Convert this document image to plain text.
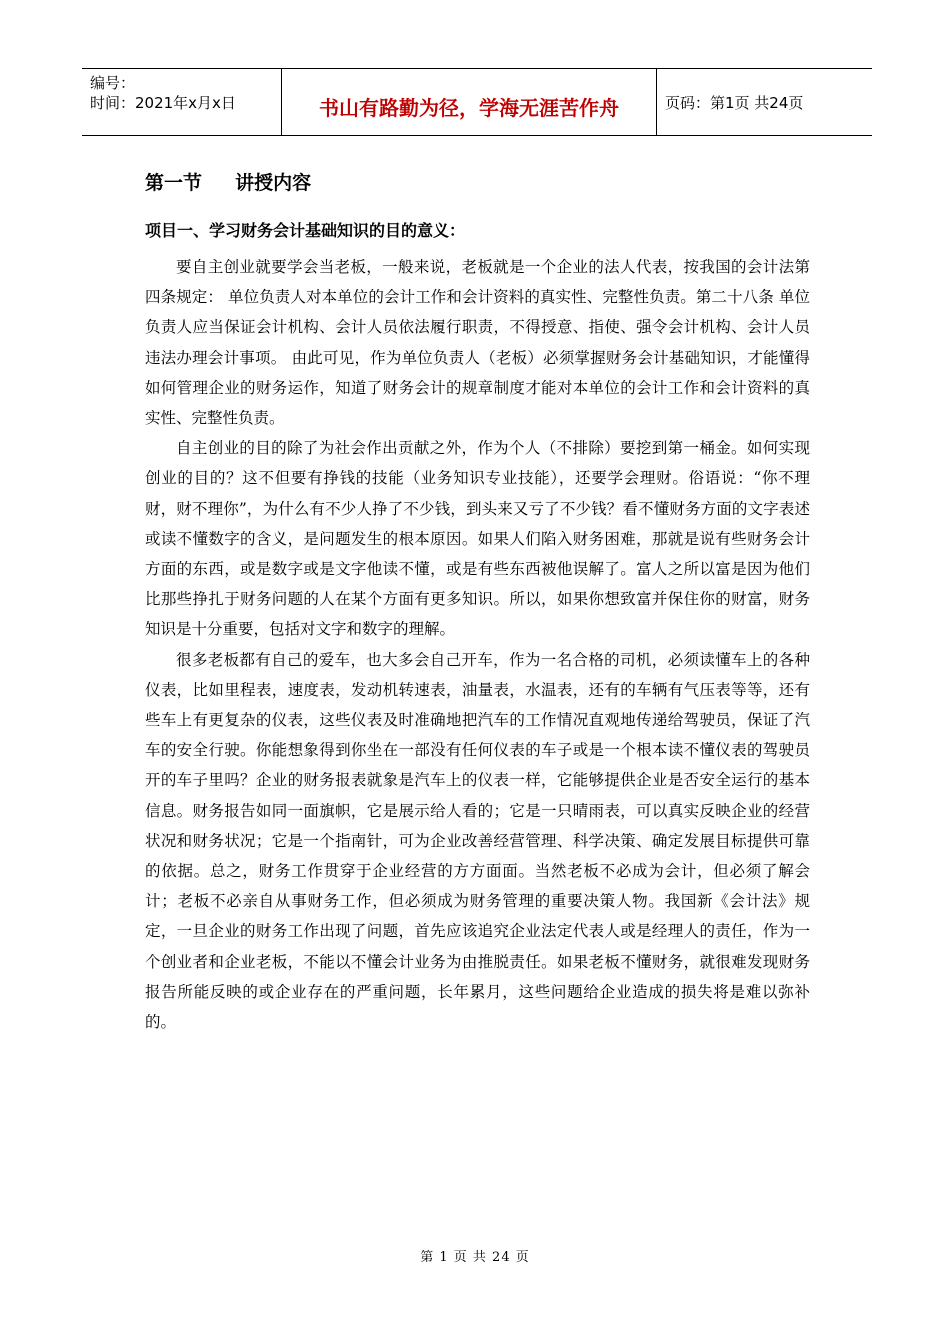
编号：
时间：2021年x月x日	书山有路勤为径，学海无涯苦作舟	页码：第1页 共24页
第一节     讲授内容
项目一、学习财务会计基础知识的目的意义：

要自主创业就要学会当老板，一般来说，老板就是一个企业的法人代表，按我国的会计法第四条规定： 单位负责人对本单位的会计工作和会计资料的真实性、完整性负责。第二十八条 单位负责人应当保证会计机构、会计人员依法履行职责，不得授意、指使、强令会计机构、会计人员违法办理会计事项。 由此可见，作为单位负责人（老板）必须掌握财务会计基础知识，才能懂得如何管理企业的财务运作，知道了财务会计的规章制度才能对本单位的会计工作和会计资料的真实性、完整性负责。

自主创业的目的除了为社会作出贡献之外，作为个人（不排除）要挖到第一桶金。如何实现创业的目的？这不但要有挣钱的技能（业务知识专业技能），还要学会理财。俗语说：“你不理财，财不理你”，为什么有不少人挣了不少钱，到头来又亏了不少钱？看不懂财务方面的文字表述或读不懂数字的含义，是问题发生的根本原因。如果人们陷入财务困难，那就是说有些财务会计方面的东西，或是数字或是文字他读不懂，或是有些东西被他误解了。富人之所以富是因为他们比那些挣扎于财务问题的人在某个方面有更多知识。所以，如果你想致富并保住你的财富，财务知识是十分重要，包括对文字和数字的理解。

很多老板都有自己的爱车，也大多会自己开车，作为一名合格的司机，必须读懂车上的各种仪表，比如里程表，速度表，发动机转速表，油量表，水温表，还有的车辆有气压表等等，还有些车上有更复杂的仪表，这些仪表及时准确地把汽车的工作情况直观地传递给驾驶员，保证了汽车的安全行驶。你能想象得到你坐在一部没有任何仪表的车子或是一个根本读不懂仪表的驾驶员开的车子里吗？企业的财务报表就象是汽车上的仪表一样，它能够提供企业是否安全运行的基本信息。财务报告如同一面旗帜，它是展示给人看的；它是一只晴雨表，可以真实反映企业的经营状况和财务状况；它是一个指南针，可为企业改善经营管理、科学决策、确定发展目标提供可靠的依据。总之，财务工作贯穿于企业经营的方方面面。当然老板不必成为会计，但必须了解会计；老板不必亲自从事财务工作，但必须成为财务管理的重要决策人物。我国新《会计法》规定，一旦企业的财务工作出现了问题，首先应该追究企业法定代表人或是经理人的责任，作为一个创业者和企业老板，不能以不懂会计业务为由推脱责任。如果老板不懂财务，就很难发现财务报告所能反映的或企业存在的严重问题，长年累月，这些问题给企业造成的损失将是难以弥补的。

第 1 页 共 24 页
